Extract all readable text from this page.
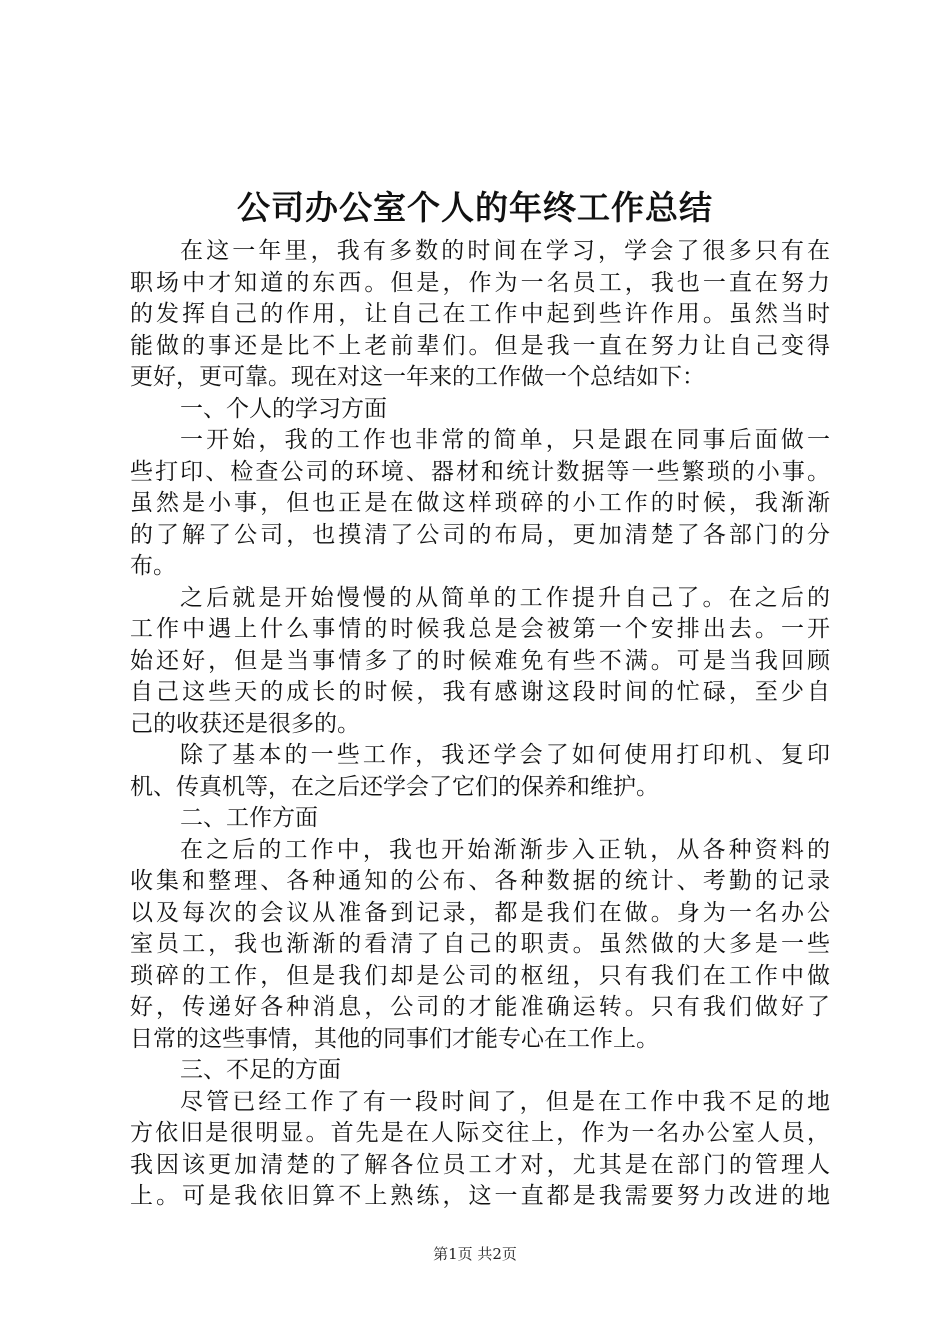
公司办公室个人的年终工作总结
在这一年里，我有多数的时间在学习，学会了很多只有在
职场中才知道的东西。但是，作为一名员工，我也一直在努力
的发挥自己的作用，让自己在工作中起到些许作用。虽然当时
能做的事还是比不上老前辈们。但是我一直在努力让自己变得
更好，更可靠。现在对这一年来的工作做一个总结如下：
一、个人的学习方面
一开始，我的工作也非常的简单，只是跟在同事后面做一
些打印、检查公司的环境、器材和统计数据等一些繁琐的小事。
虽然是小事，但也正是在做这样琐碎的小工作的时候，我渐渐
的了解了公司，也摸清了公司的布局，更加清楚了各部门的分
布。
之后就是开始慢慢的从简单的工作提升自己了。在之后的
工作中遇上什么事情的时候我总是会被第一个安排出去。一开
始还好，但是当事情多了的时候难免有些不满。可是当我回顾
自己这些天的成长的时候，我有感谢这段时间的忙碌，至少自
己的收获还是很多的。
除了基本的一些工作，我还学会了如何使用打印机、复印
机、传真机等，在之后还学会了它们的保养和维护。
二、工作方面
在之后的工作中，我也开始渐渐步入正轨，从各种资料的
收集和整理、各种通知的公布、各种数据的统计、考勤的记录
以及每次的会议从准备到记录，都是我们在做。身为一名办公
室员工，我也渐渐的看清了自己的职责。虽然做的大多是一些
琐碎的工作，但是我们却是公司的枢纽，只有我们在工作中做
好，传递好各种消息，公司的才能准确运转。只有我们做好了
日常的这些事情，其他的同事们才能专心在工作上。
三、不足的方面
尽管已经工作了有一段时间了，但是在工作中我不足的地
方依旧是很明显。首先是在人际交往上，作为一名办公室人员，
我因该更加清楚的了解各位员工才对，尤其是在部门的管理人
上。可是我依旧算不上熟练，这一直都是我需要努力改进的地
第1页 共2页
